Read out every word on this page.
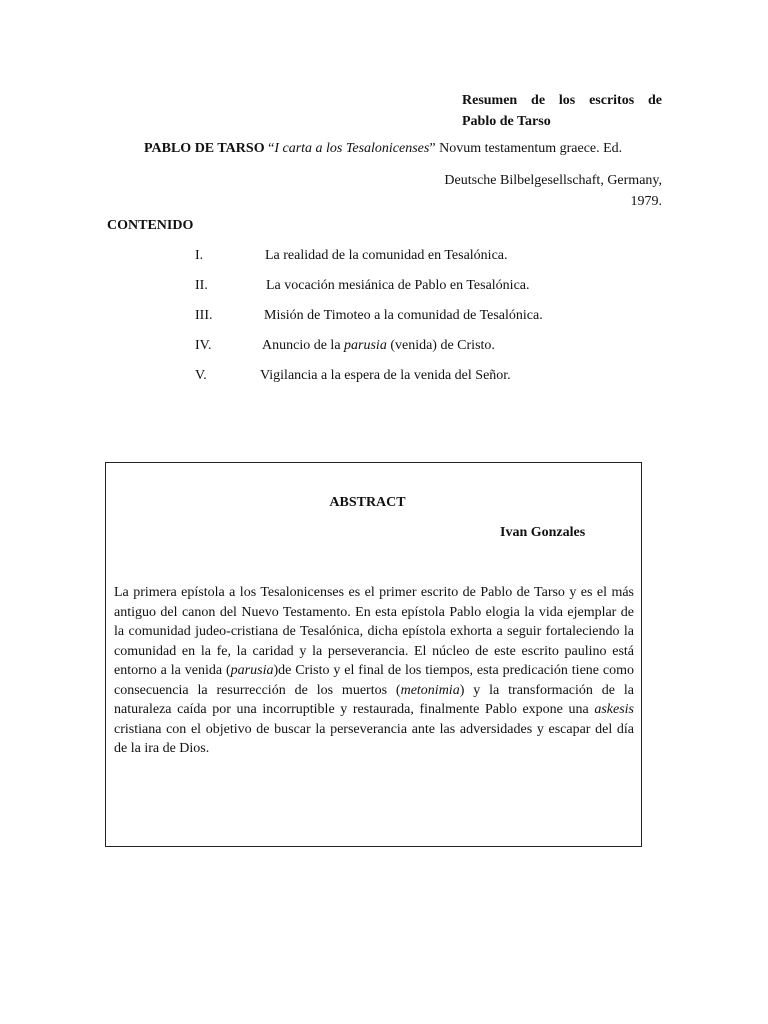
Resumen de los escritos de
Pablo de Tarso
PABLO DE TARSO “I carta a los Tesalonicenses” Novum testamentum graece. Ed.
Deutsche Bilbelgesellschaft, Germany,
1979.
CONTENIDO
I.	La realidad de la comunidad en Tesalónica.
II.	La vocación mesiánica de Pablo en Tesalónica.
III.	Misión de Timoteo a la comunidad de Tesalónica.
IV.	Anuncio de la parusia (venida) de Cristo.
V.	Vigilancia a la espera de la venida del Señor.
ABSTRACT
Ivan Gonzales
La primera epístola a los Tesalonicenses es el primer escrito de Pablo de Tarso y es el más antiguo del canon del Nuevo Testamento. En esta epístola Pablo elogia la vida ejemplar de la comunidad judeo-cristiana de Tesalónica, dicha epístola exhorta a seguir fortaleciendo la comunidad en la fe, la caridad y la perseverancia. El núcleo de este escrito paulino está entorno a la venida (parusia)de Cristo y el final de los tiempos, esta predicación tiene como consecuencia la resurrección de los muertos (metonimia) y la transformación de la naturaleza caída por una incorruptible y restaurada, finalmente Pablo expone una askesis cristiana con el objetivo de buscar la perseverancia ante las adversidades y escapar del día de la ira de Dios.
